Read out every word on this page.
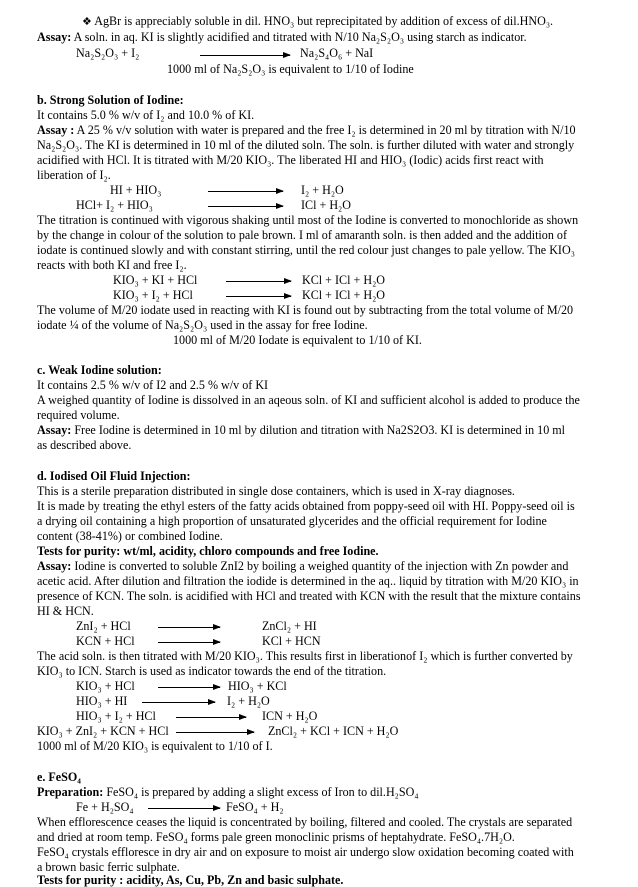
❖ AgBr is appreciably soluble in dil. HNO₃ but reprecipitated by addition of excess of dil.HNO₃.
Assay: A soln. in aq. KI is slightly acidified and titrated with N/10 Na₂S₂O₃ using starch as indicator.
Na₂S₂O₃ + I₂	Na₂S₄O₆ + NaI
1000 ml of Na₂S₂O₃ is equivalent to 1/10 of Iodine
b. Strong Solution of Iodine:
It contains 5.0 % w/v of I₂ and 10.0 % of KI.
Assay : A 25 % v/v solution with water is prepared and the free I₂ is determined in 20 ml by titration with N/10
Na₂S₂O₃. The KI is determined in 10 ml of the diluted soln. The soln. is further diluted with water and strongly
acidified with HCl. It is titrated with M/20 KIO₃. The liberated HI and HIO₃ (Iodic) acids first react with
liberation of I₂.
HI + HIO₃	I₂ + H₂O
HCl+ I₂ + HIO₃	ICl + H₂O
The titration is continued with vigorous shaking until most of the Iodine is converted to monochloride as shown
by the change in colour of the solution to pale brown. I ml of amaranth soln. is then added and the addition of
iodate is continued slowly and with constant stirring, until the red colour just changes to pale yellow. The KIO₃
reacts with both KI and free I₂.
KIO₃ + KI + HCl	KCl + ICl + H₂O
KIO₃ + I₂ + HCl	KCl + ICl + H₂O
The volume of M/20 iodate used in reacting with KI is found out by subtracting from the total volume of M/20
iodate ¼ of the volume of Na₂S₂O₃ used in the assay for free Iodine.
1000 ml of M/20 Iodate is equivalent to 1/10 of KI.
c. Weak Iodine solution:
It contains 2.5 % w/v of I2 and 2.5 % w/v of KI
A weighed quantity of Iodine is dissolved in an aqeous soln. of KI and sufficient alcohol is added to produce the
required volume.
Assay: Free Iodine is determined in 10 ml by dilution and titration with Na2S2O3. KI is determined in 10 ml
as described above.
d. Iodised Oil Fluid Injection:
This is a sterile preparation distributed in single dose containers, which is used in X-ray diagnoses.
It is made by treating the ethyl esters of the fatty acids obtained from poppy-seed oil with HI. Poppy-seed oil is
a drying oil containing a high proportion of unsaturated glycerides and the official requirement for Iodine
content (38-41%) or combined Iodine.
Tests for purity: wt/ml, acidity, chloro compounds and free Iodine.
Assay: Iodine is converted to soluble ZnI2 by boiling a weighed quantity of the injection with Zn powder and
acetic acid. After dilution and filtration the iodide is determined in the aq.. liquid by titration with M/20 KIO₃ in
presence of KCN. The soln. is acidified with HCl and treated with KCN with the result that the mixture contains
HI & HCN.
ZnI₂ + HCl	ZnCl₂ + HI
KCN + HCl	KCl + HCN
The acid soln. is then titrated with M/20 KIO₃. This results first in liberationof I₂ which is further converted by
KIO₃ to ICN. Starch is used as indicator towards the end of the titration.
KIO₃ + HCl	HIO₃ + KCl
HIO₃ + HI	I₂ + H₂O
HIO₃ + I₂ + HCl	ICN + H₂O
KIO₃ + ZnI₂ + KCN + HCl	ZnCl₂ + KCl + ICN + H₂O
1000 ml of M/20 KIO₃ is equivalent to 1/10 of I.
e. FeSO₄
Preparation: FeSO₄ is prepared by adding a slight excess of Iron to dil.H₂SO₄
Fe + H₂SO₄	FeSO₄ + H₂
When efflorescence ceases the liquid is concentrated by boiling, filtered and cooled. The crystals are separated
and dried at room temp. FeSO₄ forms pale green monoclinic prisms of heptahydrate. FeSO₄.7H₂O.
FeSO₄ crystals effloresce in dry air and on exposure to moist air undergo slow oxidation becoming coated with
a brown basic ferric sulphate.
Tests for purity : acidity, As, Cu, Pb, Zn and basic sulphate.
